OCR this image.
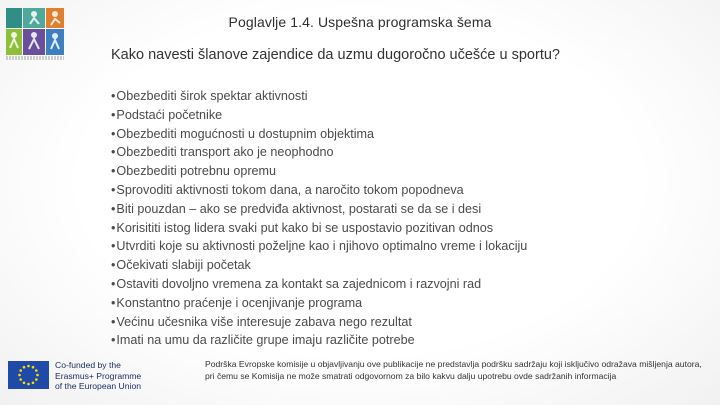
Poglavlje 1.4. Uspešna programska šema
Kako navesti šlanove zajendice da uzmu dugoročno učešće u sportu?
•Obezbediti širok spektar aktivnosti
•Podstaći početnike
•Obezbediti mogućnosti u dostupnim objektima
•Obezbediti transport ako je neophodno
•Obezbediti potrebnu opremu
•Sprovoditi aktivnosti tokom dana, a naročito tokom popodneva
•Biti pouzdan – ako se predviđa aktivnost, postarati se da se i desi
•Korisititi istog lidera svaki put kako bi se uspostavio pozitivan odnos
•Utvrditi koje su aktivnosti poželjne kao i njihovo optimalno vreme i lokaciju
•Očekivati slabiji početak
•Ostaviti dovoljno vremena za kontakt sa zajednicom i razvojni rad
•Konstantno praćenje i ocenjivanje programa
•Većinu učesnika više interesuje zabava nego rezultat
•Imati na umu da različite grupe imaju različite potrebe
Co-funded by the
Erasmus+ Programme
of the European Union
Podrška Evropske komisije u objavljivanju ove publikacije ne predstavlja podršku sadržaju koji isključivo odražava mišljenja autora, pri čemu se Komisija ne može smatrati odgovornom za bilo kakvu dalju upotrebu ovde sadržanih informacija
